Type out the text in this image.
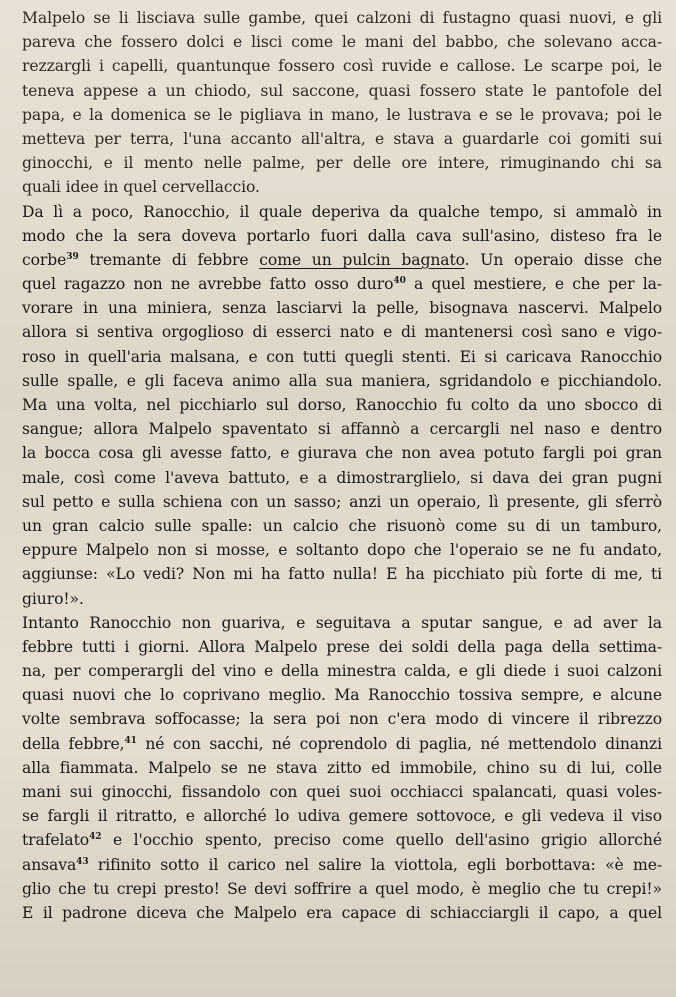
Malpelo se li lisciava sulle gambe, quei calzoni di fustagno quasi nuovi, e gli
pareva che fossero dolci e lisci come le mani del babbo, che solevano acca-
rezzargli i capelli, quantunque fossero così ruvide e callose. Le scarpe poi, le
teneva appese a un chiodo, sul saccone, quasi fossero state le pantofole del
papa, e la domenica se le pigliava in mano, le lustrava e se le provava; poi le
metteva per terra, l'una accanto all'altra, e stava a guardarle coi gomiti sui
ginocchi, e il mento nelle palme, per delle ore intere, rimuginando chi sa
quali idee in quel cervellaccio.
Da lì a poco, Ranocchio, il quale deperiva da qualche tempo, si ammalò in
modo che la sera doveva portarlo fuori dalla cava sull'asino, disteso fra le
corbe$^{39}$ tremante di febbre come un pulcin bagnato. Un operaio disse che
quel ragazzo non ne avrebbe fatto osso duro$^{40}$ a quel mestiere, e che per la-
vorare in una miniera, senza lasciarvi la pelle, bisognava nascervi. Malpelo
allora si sentiva orgoglioso di esserci nato e di mantenersi così sano e vigo-
roso in quell'aria malsana, e con tutti quegli stenti. Ei si caricava Ranocchio
sulle spalle, e gli faceva animo alla sua maniera, sgridandolo e picchiandolo.
Ma una volta, nel picchiarlo sul dorso, Ranocchio fu colto da uno sbocco di
sangue; allora Malpelo spaventato si affannò a cercargli nel naso e dentro
la bocca cosa gli avesse fatto, e giurava che non avea potuto fargli poi gran
male, così come l'aveva battuto, e a dimostrarglielo, si dava dei gran pugni
sul petto e sulla schiena con un sasso; anzi un operaio, lì presente, gli sferrò
un gran calcio sulle spalle: un calcio che risuonò come su di un tamburo,
eppure Malpelo non si mosse, e soltanto dopo che l'operaio se ne fu andato,
aggiunse: «Lo vedi? Non mi ha fatto nulla! E ha picchiato più forte di me, ti
giuro!».
Intanto Ranocchio non guariva, e seguitava a sputar sangue, e ad aver la
febbre tutti i giorni. Allora Malpelo prese dei soldi della paga della settima-
na, per comperargli del vino e della minestra calda, e gli diede i suoi calzoni
quasi nuovi che lo coprivano meglio. Ma Ranocchio tossiva sempre, e alcune
volte sembrava soffocasse; la sera poi non c'era modo di vincere il ribrezzo
della febbre,$^{41}$ né con sacchi, né coprendolo di paglia, né mettendolo dinanzi
alla fiammata. Malpelo se ne stava zitto ed immobile, chino su di lui, colle
mani sui ginocchi, fissandolo con quei suoi occhiacci spalancati, quasi voles-
se fargli il ritratto, e allorché lo udiva gemere sottovoce, e gli vedeva il viso
trafelato$^{42}$ e l'occhio spento, preciso come quello dell'asino grigio allorché
ansava$^{43}$ rifinito sotto il carico nel salire la viottola, egli borbottava: «è me-
glio che tu crepi presto! Se devi soffrire a quel modo, è meglio che tu crepi!»
E il padrone diceva che Malpelo era capace di schiacciargli il capo, a quel
